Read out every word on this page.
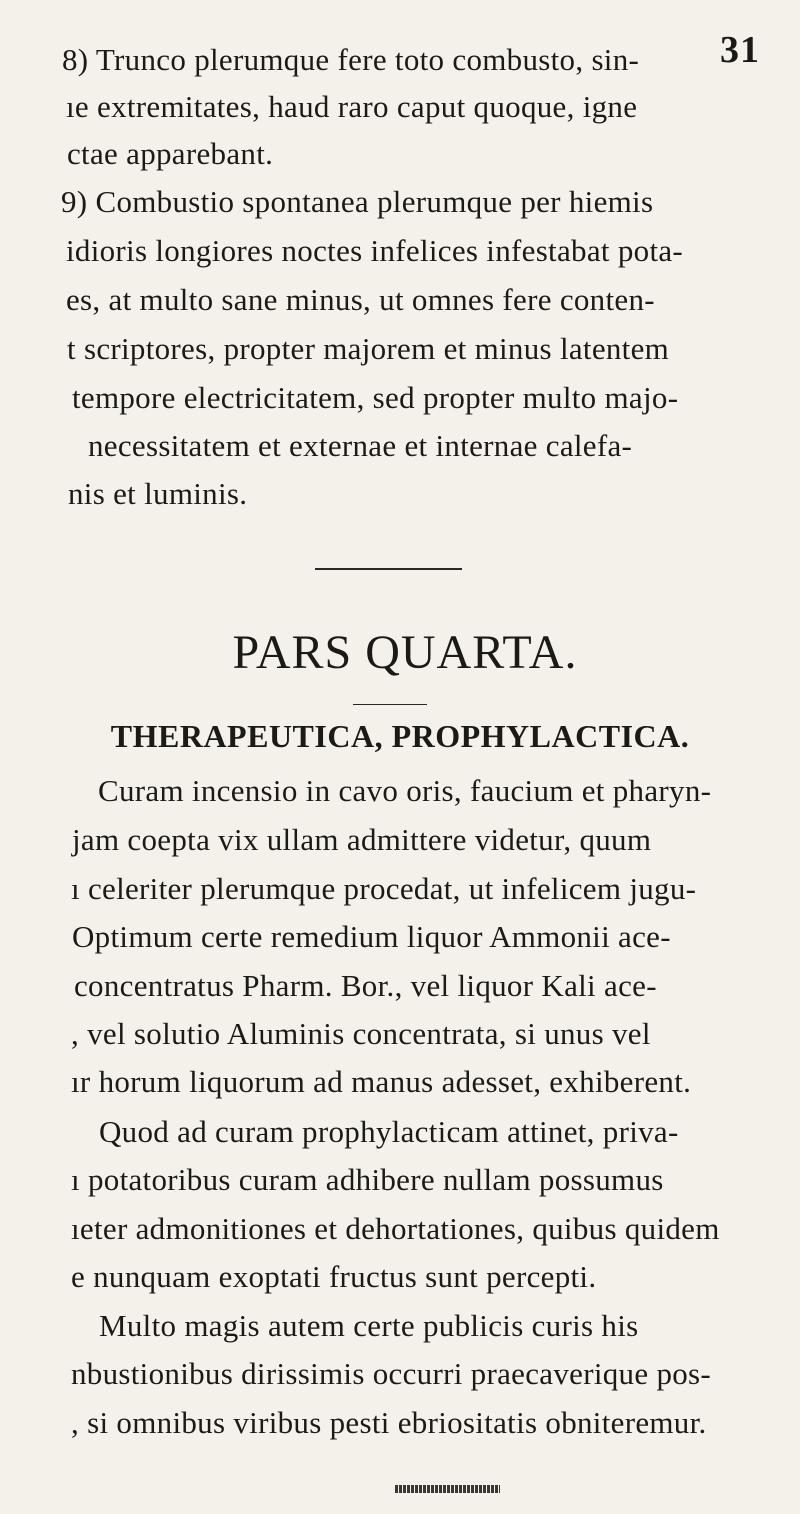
31
8) Trunco plerumque fere toto combusto, sin-
ıe extremitates, haud raro caput quoque, igne
ctae apparebant.
9) Combustio spontanea plerumque per hiemis
idioris longiores noctes infelices infestabat pota-
es, at multo sane minus, ut omnes fere conten-
t scriptores, propter majorem et minus latentem
tempore electricitatem, sed propter multo majo-
necessitatem et externae et internae calefa-
nis et luminis.
PARS QUARTA.
THERAPEUTICA, PROPHYLACTICA.
Curam incensio in cavo oris, faucium et pharyn-
jam coepta vix ullam admittere videtur, quum
ı celeriter plerumque procedat, ut infelicem jugu-
Optimum certe remedium liquor Ammonii ace-
concentratus Pharm. Bor., vel liquor Kali ace-
, vel solutio Aluminis concentrata, si unus vel
ır horum liquorum ad manus adesset, exhiberent.
Quod ad curam prophylacticam attinet, priva-
ı potatoribus curam adhibere nullam possumus
ıeter admonitiones et dehortationes, quibus quidem
e nunquam exoptati fructus sunt percepti.
Multo magis autem certe publicis curis his
nbustionibus dirissimis occurri praecaverique pos-
, si omnibus viribus pesti ebriositatis obniteremur.
